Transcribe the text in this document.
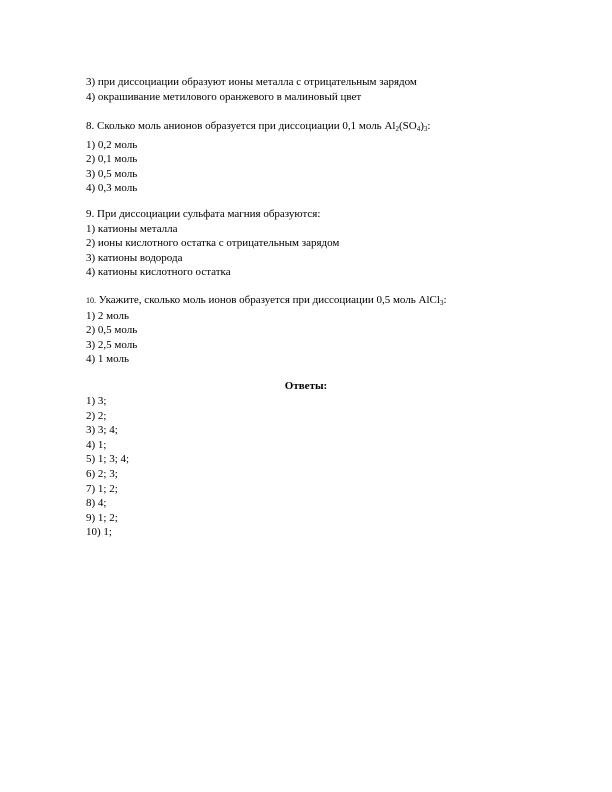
3) при диссоциации образуют ионы металла с отрицательным зарядом
4) окрашивание метилового оранжевого в малиновый цвет
8. Сколько моль анионов образуется при диссоциации 0,1 моль $Al_2(SO_4)_3$:
1) 0,2 моль
2) 0,1 моль
3) 0,5 моль
4) 0,3 моль
9. При диссоциации сульфата магния образуются:
1) катионы металла
2) ионы кислотного остатка с отрицательным зарядом
3) катионы водорода
4) катионы кислотного остатка
10. Укажите, сколько моль ионов образуется при диссоциации 0,5 моль AlCl$_3$:
1) 2 моль
2) 0,5 моль
3) 2,5 моль
4) 1 моль
Ответы:
1) 3;
2) 2;
3) 3; 4;
4) 1;
5) 1; 3; 4;
6) 2; 3;
7) 1; 2;
8) 4;
9) 1; 2;
10) 1;
